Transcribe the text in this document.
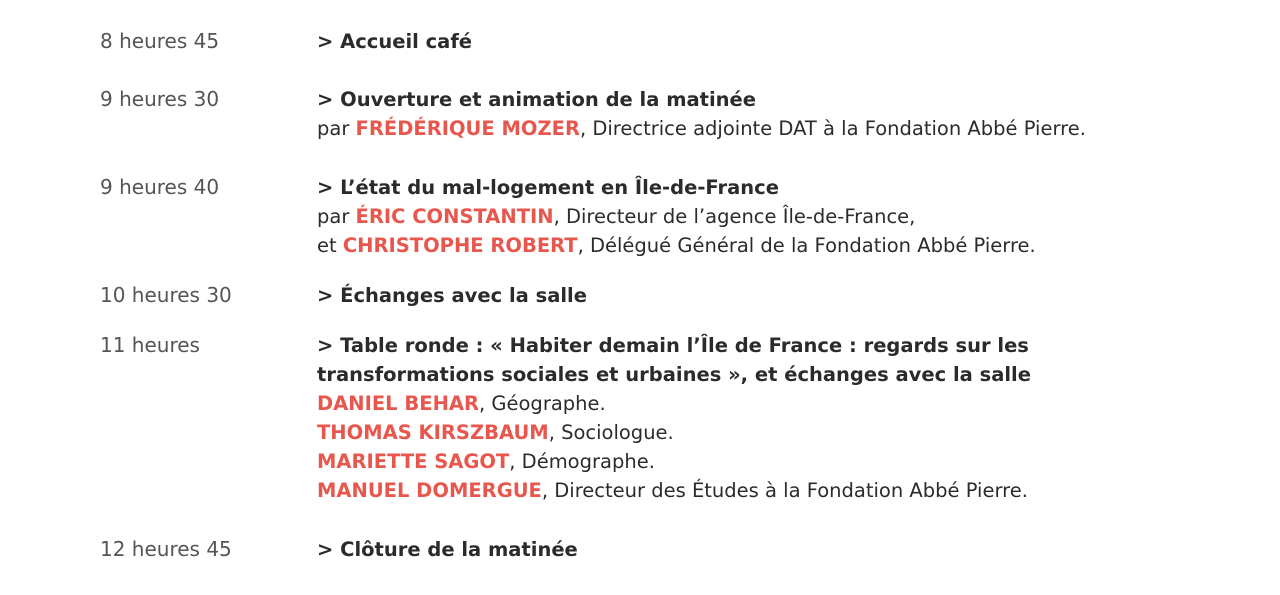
8 heures 45	> Accueil café
9 heures 30	> Ouverture et animation de la matinée
par FRÉDÉRIQUE MOZER, Directrice adjointe DAT à la Fondation Abbé Pierre.
9 heures 40	> L’état du mal-logement en Île-de-France
par ÉRIC CONSTANTIN, Directeur de l’agence Île-de-France,
et CHRISTOPHE ROBERT, Délégué Général de la Fondation Abbé Pierre.
10 heures 30	> Échanges avec la salle
11 heures	> Table ronde : « Habiter demain l’Île de France : regards sur les transformations sociales et urbaines », et échanges avec la salle
DANIEL BEHAR, Géographe.
THOMAS KIRSZBAUM, Sociologue.
MARIETTE SAGOT, Démographe.
MANUEL DOMERGUE, Directeur des Études à la Fondation Abbé Pierre.
12 heures 45	> Clôture de la matinée
